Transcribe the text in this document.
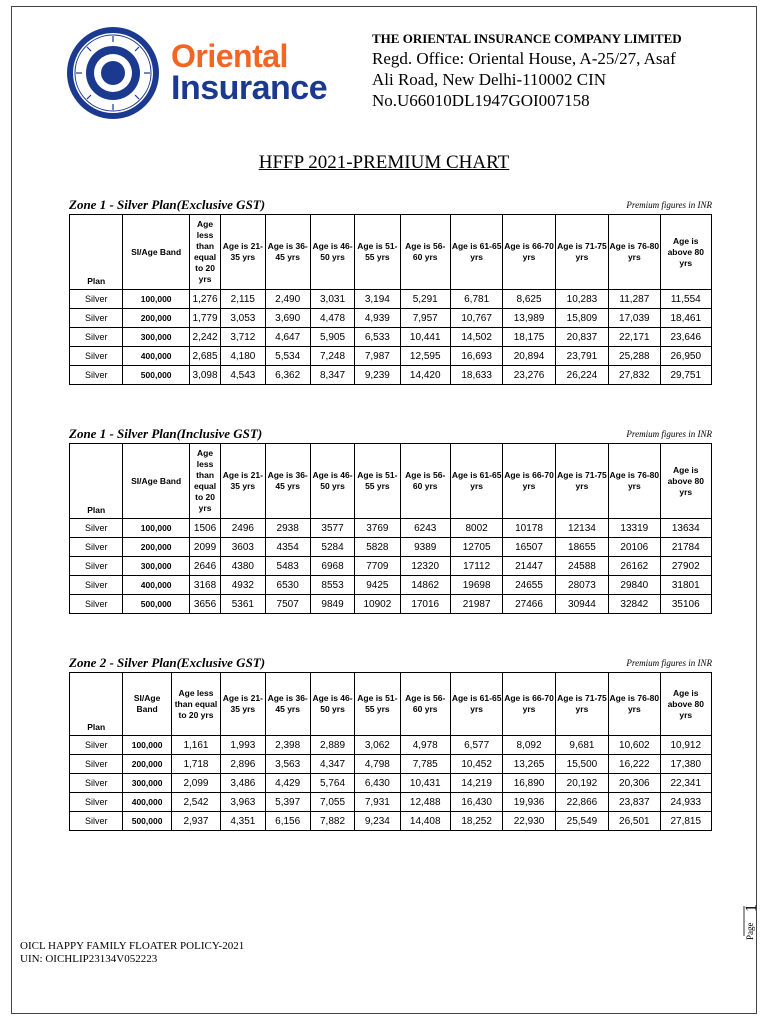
Oriental
Insurance
THE ORIENTAL INSURANCE COMPANY LIMITED
Regd. Office: Oriental House, A-25/27, Asaf
Ali Road, New Delhi-110002 CIN
No.U66010DL1947GOI007158
HFFP 2021-PREMIUM CHART
Zone 1 - Silver Plan(Exclusive GST)	Premium figures in INR
Plan	SI/Age Band	Age less than equal to 20 yrs	Age is 21-35 yrs	Age is 36-45 yrs	Age is 46-50 yrs	Age is 51-55 yrs	Age is 56-60 yrs	Age is 61-65 yrs	Age is 66-70 yrs	Age is 71-75 yrs	Age is 76-80 yrs	Age is above 80 yrs
Silver	100,000	1,276	2,115	2,490	3,031	3,194	5,291	6,781	8,625	10,283	11,287	11,554
Silver	200,000	1,779	3,053	3,690	4,478	4,939	7,957	10,767	13,989	15,809	17,039	18,461
Silver	300,000	2,242	3,712	4,647	5,905	6,533	10,441	14,502	18,175	20,837	22,171	23,646
Silver	400,000	2,685	4,180	5,534	7,248	7,987	12,595	16,693	20,894	23,791	25,288	26,950
Silver	500,000	3,098	4,543	6,362	8,347	9,239	14,420	18,633	23,276	26,224	27,832	29,751
Zone 1 - Silver Plan(Inclusive GST)	Premium figures in INR
Plan	SI/Age Band	Age less than equal to 20 yrs	Age is 21-35 yrs	Age is 36-45 yrs	Age is 46-50 yrs	Age is 51-55 yrs	Age is 56-60 yrs	Age is 61-65 yrs	Age is 66-70 yrs	Age is 71-75 yrs	Age is 76-80 yrs	Age is above 80 yrs
Silver	100,000	1506	2496	2938	3577	3769	6243	8002	10178	12134	13319	13634
Silver	200,000	2099	3603	4354	5284	5828	9389	12705	16507	18655	20106	21784
Silver	300,000	2646	4380	5483	6968	7709	12320	17112	21447	24588	26162	27902
Silver	400,000	3168	4932	6530	8553	9425	14862	19698	24655	28073	29840	31801
Silver	500,000	3656	5361	7507	9849	10902	17016	21987	27466	30944	32842	35106
Zone 2 - Silver Plan(Exclusive GST)	Premium figures in INR
Plan	SI/Age Band	Age less than equal to 20 yrs	Age is 21-35 yrs	Age is 36-45 yrs	Age is 46-50 yrs	Age is 51-55 yrs	Age is 56-60 yrs	Age is 61-65 yrs	Age is 66-70 yrs	Age is 71-75 yrs	Age is 76-80 yrs	Age is above 80 yrs
Silver	100,000	1,161	1,993	2,398	2,889	3,062	4,978	6,577	8,092	9,681	10,602	10,912
Silver	200,000	1,718	2,896	3,563	4,347	4,798	7,785	10,452	13,265	15,500	16,222	17,380
Silver	300,000	2,099	3,486	4,429	5,764	6,430	10,431	14,219	16,890	20,192	20,306	22,341
Silver	400,000	2,542	3,963	5,397	7,055	7,931	12,488	16,430	19,936	22,866	23,837	24,933
Silver	500,000	2,937	4,351	6,156	7,882	9,234	14,408	18,252	22,930	25,549	26,501	27,815
OICL HAPPY FAMILY FLOATER POLICY-2021
UIN: OICHLIP23134V052223
Page
1
